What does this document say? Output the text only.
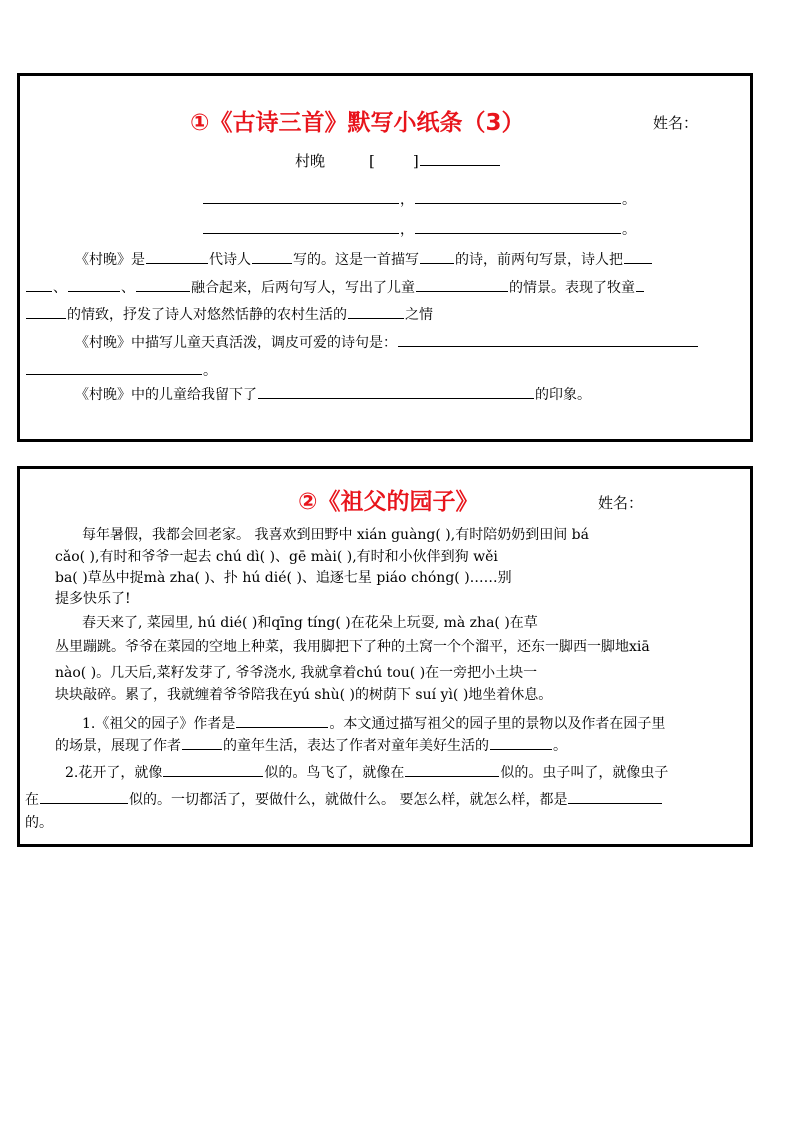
①《古诗三首》默写小纸条（3）	姓名：
村晚	[	]
，	。
，	。
《村晚》是	代诗人	写的。这是一首描写	的诗，前两句写景，诗人把
、	、	融合起来，后两句写人，写出了儿童	的情景。表现了牧童
的情致，抒发了诗人对悠然恬静的农村生活的	之情
《村晚》中描写儿童天真活泼，调皮可爱的诗句是：
。
《村晚》中的儿童给我留下了	的印象。
②《祖父的园子》	姓名：
每年暑假，我都会回老家。 我喜欢到田野中 xián guàng( ),有时陪奶奶到田间 bá
cǎo( ),有时和爷爷一起去 chú dì( )、gē mài( ),有时和小伙伴到狗 wěi
ba( )草丛中捉mà zha( )、扑 hú dié( )、追逐七星 piáo chóng( )……别
提多快乐了!
春天来了, 菜园里, hú dié( )和qīng tíng( )在花朵上玩耍, mà zha( )在草
丛里蹦跳。爷爷在菜园的空地上种菜，我用脚把下了种的土窝一个个溜平，还东一脚西一脚地xiā
nào( )。几天后,菜籽发芽了, 爷爷浇水, 我就拿着chú tou( )在一旁把小土块一
块块敲碎。累了，我就缠着爷爷陪我在yú shù( )的树荫下 suí yì( )地坐着休息。
1.《祖父的园子》作者是	。本文通过描写祖父的园子里的景物以及作者在园子里
的场景，展现了作者	的童年生活，表达了作者对童年美好生活的	。
2.花开了，就像	似的。鸟飞了，就像在	似的。虫子叫了，就像虫子
在	似的。一切都活了，要做什么，就做什么。 要怎么样，就怎么样，都是
的。
